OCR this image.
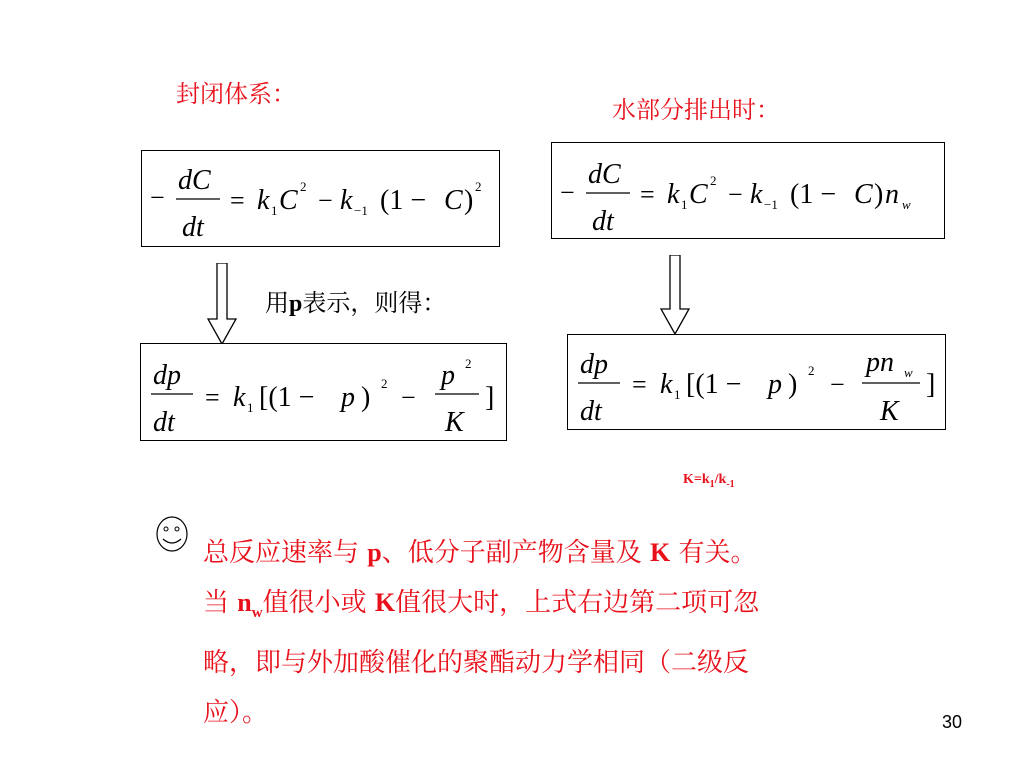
封闭体系：
水部分排出时：
−
dC
dt
= k 1 C 2 − k −1 (1 − C ) 2	−
dC
dt
= k 1 C 2 − k −1 (1 − C ) n w
用p表示，则得：
dp
dt
= k 1 [(1 − p ) 2 −
p 2
K
]
dp
dt
= k 1 [(1 − p ) 2 −
pn w
K
]
$K=k_1/k_{-1}$
总反应速率与 p、低分子副产物含量及 K 有关。
当 $n_w$值很小或 K值很大时，上式右边第二项可忽
略，即与外加酸催化的聚酯动力学相同（二级反
应）。	30
